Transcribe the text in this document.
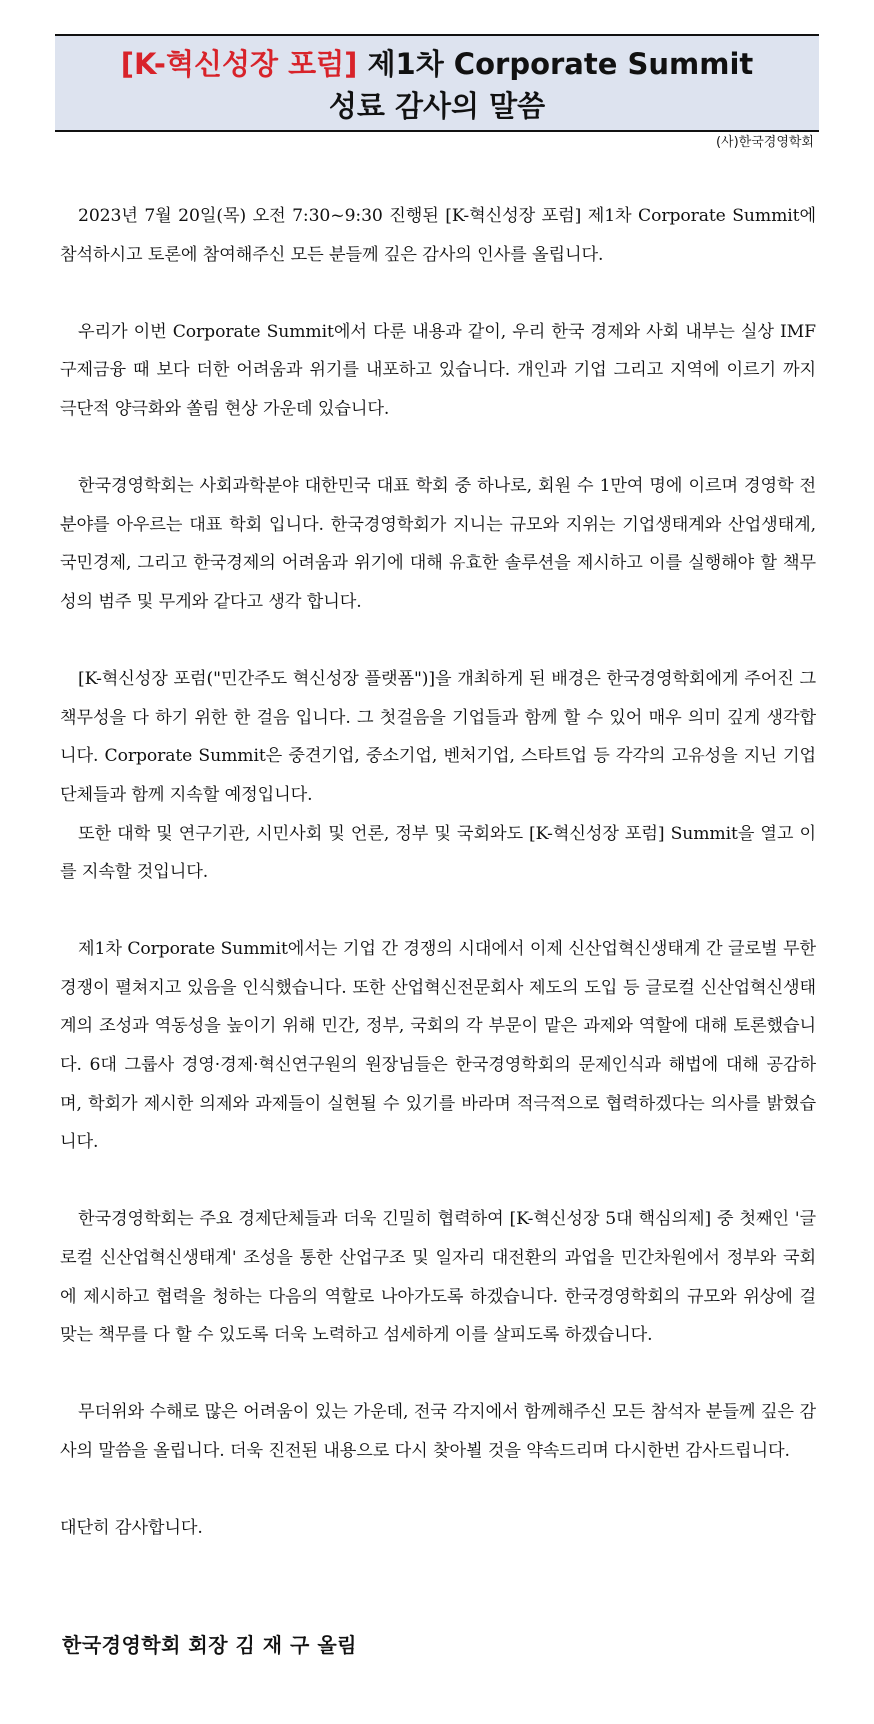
[K-혁신성장 포럼] 제1차 Corporate Summit
성료 감사의 말씀
(사)한국경영학회

2023년 7월 20일(목) 오전 7:30~9:30 진행된 [K-혁신성장 포럼] 제1차 Corporate Summit에 참석하시고 토론에 참여해주신 모든 분들께 깊은 감사의 인사를 올립니다.

우리가 이번 Corporate Summit에서 다룬 내용과 같이, 우리 한국 경제와 사회 내부는 실상 IMF 구제금융 때 보다 더한 어려움과 위기를 내포하고 있습니다. 개인과 기업 그리고 지역에 이르기 까지 극단적 양극화와 쏠림 현상 가운데 있습니다.

한국경영학회는 사회과학분야 대한민국 대표 학회 중 하나로, 회원 수 1만여 명에 이르며 경영학 전 분야를 아우르는 대표 학회 입니다. 한국경영학회가 지니는 규모와 지위는 기업생태계와 산업생태계, 국민경제, 그리고 한국경제의 어려움과 위기에 대해 유효한 솔루션을 제시하고 이를 실행해야 할 책무성의 범주 및 무게와 같다고 생각 합니다.

[K-혁신성장 포럼("민간주도 혁신성장 플랫폼")]을 개최하게 된 배경은 한국경영학회에게 주어진 그 책무성을 다 하기 위한 한 걸음 입니다. 그 첫걸음을 기업들과 함께 할 수 있어 매우 의미 깊게 생각합니다. Corporate Summit은 중견기업, 중소기업, 벤처기업, 스타트업 등 각각의 고유성을 지닌 기업단체들과 함께 지속할 예정입니다.

또한 대학 및 연구기관, 시민사회 및 언론, 정부 및 국회와도 [K-혁신성장 포럼] Summit을 열고 이를 지속할 것입니다.

제1차 Corporate Summit에서는 기업 간 경쟁의 시대에서 이제 신산업혁신생태계 간 글로벌 무한 경쟁이 펼쳐지고 있음을 인식했습니다. 또한 산업혁신전문회사 제도의 도입 등 글로컬 신산업혁신생태계의 조성과 역동성을 높이기 위해 민간, 정부, 국회의 각 부문이 맡은 과제와 역할에 대해 토론했습니다. 6대 그룹사 경영·경제·혁신연구원의 원장님들은 한국경영학회의 문제인식과 해법에 대해 공감하며, 학회가 제시한 의제와 과제들이 실현될 수 있기를 바라며 적극적으로 협력하겠다는 의사를 밝혔습니다.

한국경영학회는 주요 경제단체들과 더욱 긴밀히 협력하여 [K-혁신성장 5대 핵심의제] 중 첫째인 '글로컬 신산업혁신생태계' 조성을 통한 산업구조 및 일자리 대전환의 과업을 민간차원에서 정부와 국회에 제시하고 협력을 청하는 다음의 역할로 나아가도록 하겠습니다. 한국경영학회의 규모와 위상에 걸맞는 책무를 다 할 수 있도록 더욱 노력하고 섬세하게 이를 살피도록 하겠습니다.

무더위와 수해로 많은 어려움이 있는 가운데, 전국 각지에서 함께해주신 모든 참석자 분들께 깊은 감사의 말씀을 올립니다. 더욱 진전된 내용으로 다시 찾아뵐 것을 약속드리며 다시한번 감사드립니다.

대단히 감사합니다.

한국경영학회 회장 김 재 구 올림
